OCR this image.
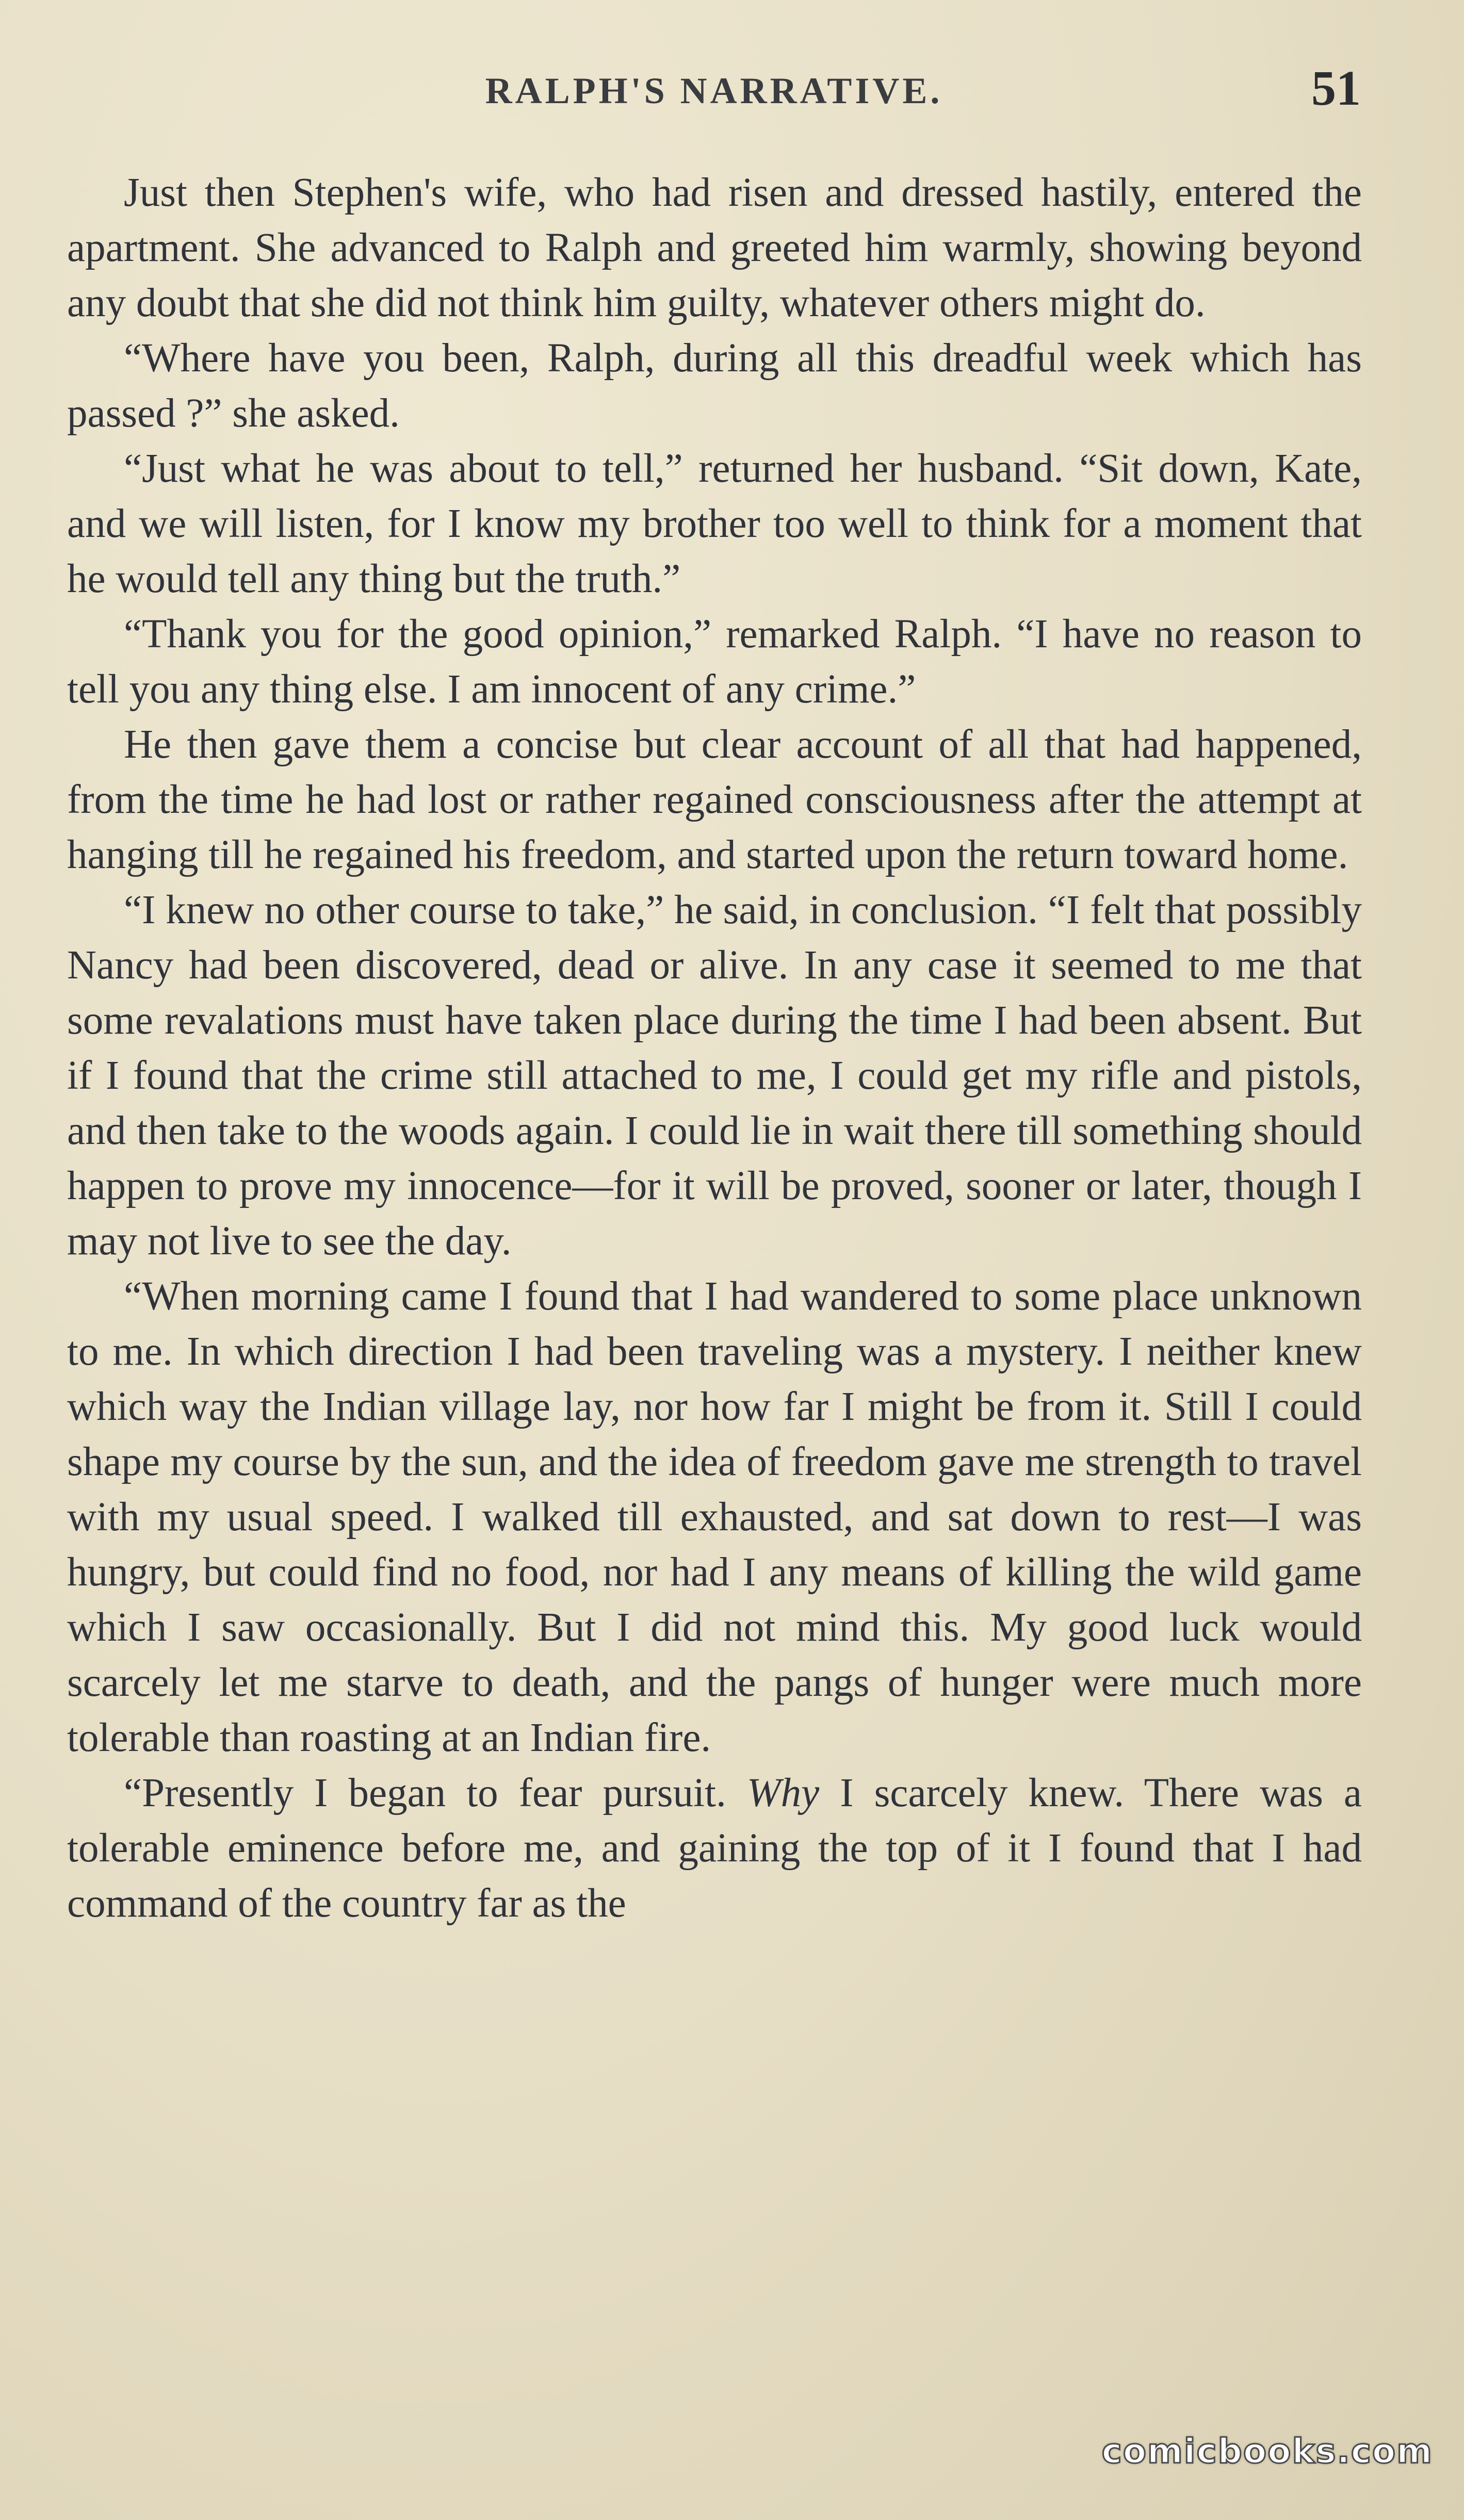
RALPH'S NARRATIVE.	51

Just then Stephen's wife, who had risen and dressed hastily, entered the apartment. She advanced to Ralph and greeted him warmly, showing beyond any doubt that she did not think him guilty, whatever others might do.

“Where have you been, Ralph, during all this dreadful week which has passed ?” she asked.

“Just what he was about to tell,” returned her husband. “Sit down, Kate, and we will listen, for I know my brother too well to think for a moment that he would tell any thing but the truth.”

“Thank you for the good opinion,” remarked Ralph. “I have no reason to tell you any thing else. I am innocent of any crime.”

He then gave them a concise but clear account of all that had happened, from the time he had lost or rather regained consciousness after the attempt at hanging till he regained his freedom, and started upon the return toward home.

“I knew no other course to take,” he said, in conclusion. “I felt that possibly Nancy had been discovered, dead or alive. In any case it seemed to me that some revalations must have taken place during the time I had been absent. But if I found that the crime still attached to me, I could get my rifle and pistols, and then take to the woods again. I could lie in wait there till something should happen to prove my innocence—for it will be proved, sooner or later, though I may not live to see the day.

“When morning came I found that I had wandered to some place unknown to me. In which direction I had been traveling was a mystery. I neither knew which way the Indian village lay, nor how far I might be from it. Still I could shape my course by the sun, and the idea of freedom gave me strength to travel with my usual speed. I walked till exhausted, and sat down to rest—I was hungry, but could find no food, nor had I any means of killing the wild game which I saw occasionally. But I did not mind this. My good luck would scarcely let me starve to death, and the pangs of hunger were much more tolerable than roasting at an Indian fire.

“Presently I began to fear pursuit. Why I scarcely knew. There was a tolerable eminence before me, and gaining the top of it I found that I had command of the country far as the

comicbooks.com
